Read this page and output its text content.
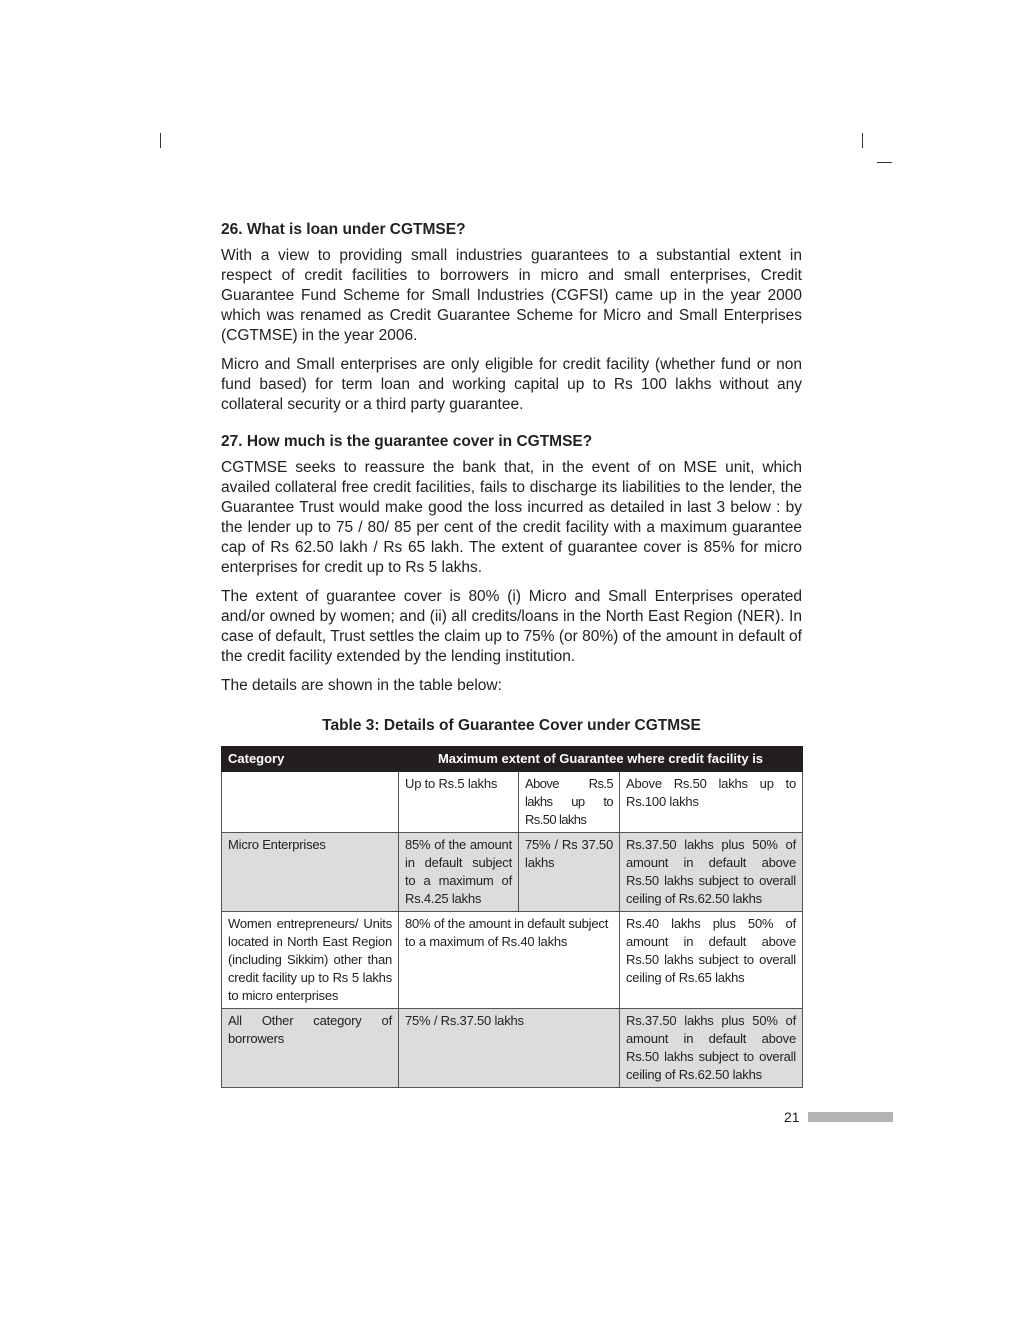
26. What is loan under CGTMSE?

With a view to providing small industries guarantees to a substantial extent in respect of credit facilities to borrowers in micro and small enterprises, Credit Guarantee Fund Scheme for Small Industries (CGFSI) came up in the year 2000 which was renamed as Credit Guarantee Scheme for Micro and Small Enterprises (CGTMSE) in the year 2006.

Micro and Small enterprises are only eligible for credit facility (whether fund or non fund based) for term loan and working capital up to Rs 100 lakhs without any collateral security or a third party guarantee.

27. How much is the guarantee cover in CGTMSE?

CGTMSE seeks to reassure the bank that, in the event of on MSE unit, which availed collateral free credit facilities, fails to discharge its liabilities to the lender, the Guarantee Trust would make good the loss incurred as detailed in last 3 below : by the lender up to 75 / 80/ 85 per cent of the credit facility with a maximum guarantee cap of Rs 62.50 lakh / Rs 65 lakh. The extent of guarantee cover is 85% for micro enterprises for credit up to Rs 5 lakhs.

The extent of guarantee cover is 80% (i) Micro and Small Enterprises operated and/or owned by women; and (ii) all credits/loans in the North East Region (NER). In case of default, Trust settles the claim up to 75% (or 80%) of the amount in default of the credit facility extended by the lending institution.

The details are shown in the table below:

Table 3: Details of Guarantee Cover under CGTMSE
Category	Maximum extent of Guarantee where credit facility is		
	Up to Rs.5 lakhs	Above Rs.5 lakhs up to Rs.50 lakhs	Above Rs.50 lakhs up to Rs.100 lakhs
Micro Enterprises	85% of the amount in default subject to a maximum of Rs.4.25 lakhs	75% / Rs 37.50 lakhs	Rs.37.50 lakhs plus 50% of amount in default above Rs.50 lakhs subject to overall ceiling of Rs.62.50 lakhs
Women entrepreneurs/ Units located in North East Region (including Sikkim) other than credit facility up to Rs 5 lakhs to micro enterprises	80% of the amount in default subject to a maximum of Rs.40 lakhs		Rs.40 lakhs plus 50% of amount in default above Rs.50 lakhs subject to overall ceiling of Rs.65 lakhs
All Other category of borrowers	75% / Rs.37.50 lakhs		Rs.37.50 lakhs plus 50% of amount in default above Rs.50 lakhs subject to overall ceiling of Rs.62.50 lakhs
21
